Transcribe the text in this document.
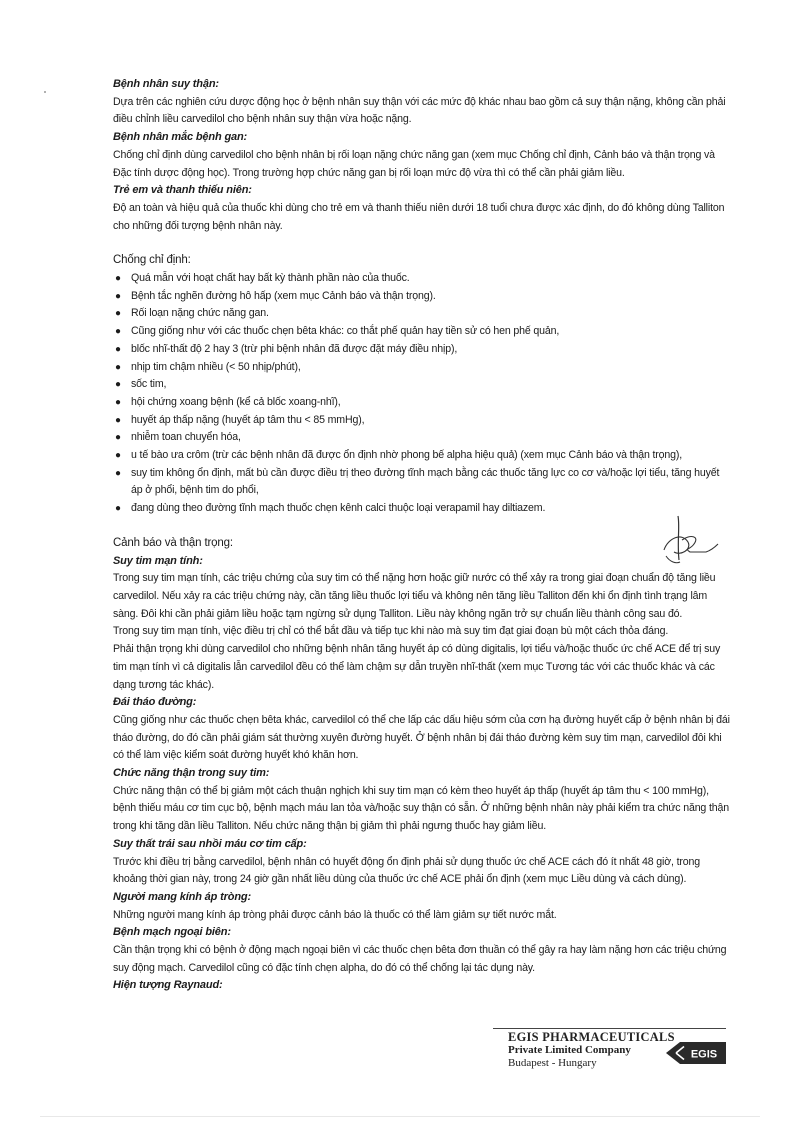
Bệnh nhân suy thận:

Dựa trên các nghiên cứu dược động học ở bệnh nhân suy thận với các mức độ khác nhau bao gồm cả suy thận nặng, không cần phải điều chỉnh liều carvedilol cho bệnh nhân suy thận vừa hoặc nặng.

Bệnh nhân mắc bệnh gan:

Chống chỉ định dùng carvedilol cho bệnh nhân bị rối loạn nặng chức năng gan (xem mục Chống chỉ định, Cảnh báo và thận trọng và Đặc tính dược động học). Trong trường hợp chức năng gan bị rối loạn mức độ vừa thì có thể cần phải giảm liều.

Trẻ em và thanh thiếu niên:

Độ an toàn và hiệu quả của thuốc khi dùng cho trẻ em và thanh thiếu niên dưới 18 tuổi chưa được xác định, do đó không dùng Talliton cho những đối tượng bệnh nhân này.

Chống chỉ định:
● Quá mẫn với hoạt chất hay bất kỳ thành phần nào của thuốc.
● Bệnh tắc nghẽn đường hô hấp (xem mục Cảnh báo và thận trọng).
● Rối loạn nặng chức năng gan.
● Cũng giống như với các thuốc chẹn bêta khác: co thắt phế quản hay tiền sử có hen phế quản,
● blốc nhĩ-thất độ 2 hay 3 (trừ phi bệnh nhân đã được đặt máy điều nhịp),
● nhịp tim chậm nhiều (< 50 nhịp/phút),
● sốc tim,
● hội chứng xoang bệnh (kể cả blốc xoang-nhĩ),
● huyết áp thấp nặng (huyết áp tâm thu < 85 mmHg),
● nhiễm toan chuyển hóa,
● u tế bào ưa crôm (trừ các bệnh nhân đã được ổn định nhờ phong bế alpha hiệu quả) (xem mục Cảnh báo và thận trọng),
● suy tim không ổn định, mất bù cần được điều trị theo đường tĩnh mạch bằng các thuốc tăng lực co cơ và/hoặc lợi tiểu, tăng huyết áp ở phổi, bệnh tim do phổi,
● đang dùng theo đường tĩnh mạch thuốc chẹn kênh calci thuộc loại verapamil hay diltiazem.
Cảnh báo và thận trọng:
Suy tim mạn tính:

Trong suy tim mạn tính, các triệu chứng của suy tim có thể nặng hơn hoặc giữ nước có thể xảy ra trong giai đoạn chuẩn độ tăng liều carvedilol. Nếu xảy ra các triệu chứng này, cần tăng liều thuốc lợi tiểu và không nên tăng liều Talliton đến khi ổn định tình trạng lâm sàng. Đôi khi cần phải giảm liều hoặc tạm ngừng sử dụng Talliton. Liều này không ngăn trở sự chuẩn liều thành công sau đó.

Trong suy tim mạn tính, việc điều trị chỉ có thể bắt đầu và tiếp tục khi nào mà suy tim đạt giai đoạn bù một cách thỏa đáng.

Phải thận trọng khi dùng carvedilol cho những bệnh nhân tăng huyết áp có dùng digitalis, lợi tiểu và/hoặc thuốc ức chế ACE để trị suy tim mạn tính vì cả digitalis lẫn carvedilol đều có thể làm chậm sự dẫn truyền nhĩ-thất (xem mục Tương tác với các thuốc khác và các dạng tương tác khác).

Đái tháo đường:

Cũng giống như các thuốc chẹn bêta khác, carvedilol có thể che lấp các dấu hiệu sớm của cơn hạ đường huyết cấp ở bệnh nhân bị đái tháo đường, do đó cần phải giám sát thường xuyên đường huyết. Ở bệnh nhân bị đái tháo đường kèm suy tim mạn, carvedilol đôi khi có thể làm việc kiểm soát đường huyết khó khăn hơn.

Chức năng thận trong suy tim:

Chức năng thận có thể bị giảm một cách thuận nghịch khi suy tim mạn có kèm theo huyết áp thấp (huyết áp tâm thu < 100 mmHg), bệnh thiếu máu cơ tim cục bộ, bệnh mạch máu lan tỏa và/hoặc suy thận có sẵn. Ở những bệnh nhân này phải kiểm tra chức năng thận trong khi tăng dần liều Talliton. Nếu chức năng thận bị giảm thì phải ngưng thuốc hay giảm liều.

Suy thất trái sau nhồi máu cơ tim cấp:

Trước khi điều trị bằng carvedilol, bệnh nhân có huyết động ổn định phải sử dụng thuốc ức chế ACE cách đó ít nhất 48 giờ, trong khoảng thời gian này, trong 24 giờ gần nhất liều dùng của thuốc ức chế ACE phải ổn định (xem mục Liều dùng và cách dùng).

Người mang kính áp tròng:

Những người mang kính áp tròng phải được cảnh báo là thuốc có thể làm giảm sự tiết nước mắt.

Bệnh mạch ngoại biên:

Cần thận trọng khi có bệnh ở động mạch ngoại biên vì các thuốc chẹn bêta đơn thuần có thể gây ra hay làm nặng hơn các triệu chứng suy động mạch. Carvedilol cũng có đặc tính chẹn alpha, do đó có thể chống lại tác dụng này.

Hiện tượng Raynaud:
EGIS PHARMACEUTICALS
Private Limited Company
Budapest - Hungary
EGIS
